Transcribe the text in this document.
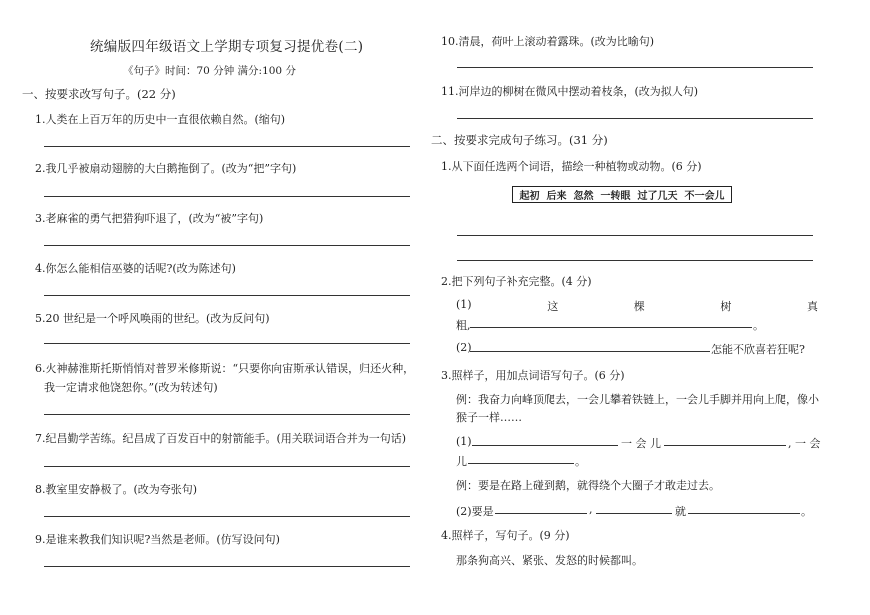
统编版四年级语文上学期专项复习提优卷(二)
《句子》时间：70 分钟 满分:100 分
一、按要求改写句子。(22 分)
1.人类在上百万年的历史中一直很依赖自然。(缩句)
2.我几乎被扇动翅膀的大白鹅拖倒了。(改为“把”字句)
3.老麻雀的勇气把猎狗吓退了，(改为“被”字句)
4.你怎么能相信巫婆的话呢?(改为陈述句)
5.20 世纪是一个呼风唤雨的世纪。(改为反问句)
6.火神赫淮斯托斯悄悄对普罗米修斯说：“只要你向宙斯承认错误，归还火种，
我一定请求他饶恕你。”(改为转述句)
7.纪昌勤学苦练。纪昌成了百发百中的射箭能手。(用关联词语合并为一句话)
8.教室里安静极了。(改为夸张句)
9.是谁来教我们知识呢?当然是老师。(仿写设问句)
10.清晨，荷叶上滚动着露珠。(改为比喻句)
11.河岸边的柳树在微风中摆动着枝条，(改为拟人句)
二、按要求完成句子练习。(31 分)
1.从下面任选两个词语，描绘一种植物或动物。(6 分)
起初 后来 忽然 一转眼 过了几天 不一会儿
2.把下列句子补充完整。(4 分)
(1)	这	棵	树	真
粗,	。
(2)	怎能不欣喜若狂呢?
3.照样子，用加点词语写句子。(6 分)
例：我奋力向峰顶爬去，一会儿攀着铁链上，一会儿手脚并用向上爬，像小
猴子一样……
(1)	一 会 儿	, 一 会
儿	。
例：要是在路上碰到鹅，就得绕个大圈子才敢走过去。
(2)要是	,	就	。
4.照样子，写句子。(9 分)
那条狗高兴、紧张、发怒的时候都叫。
